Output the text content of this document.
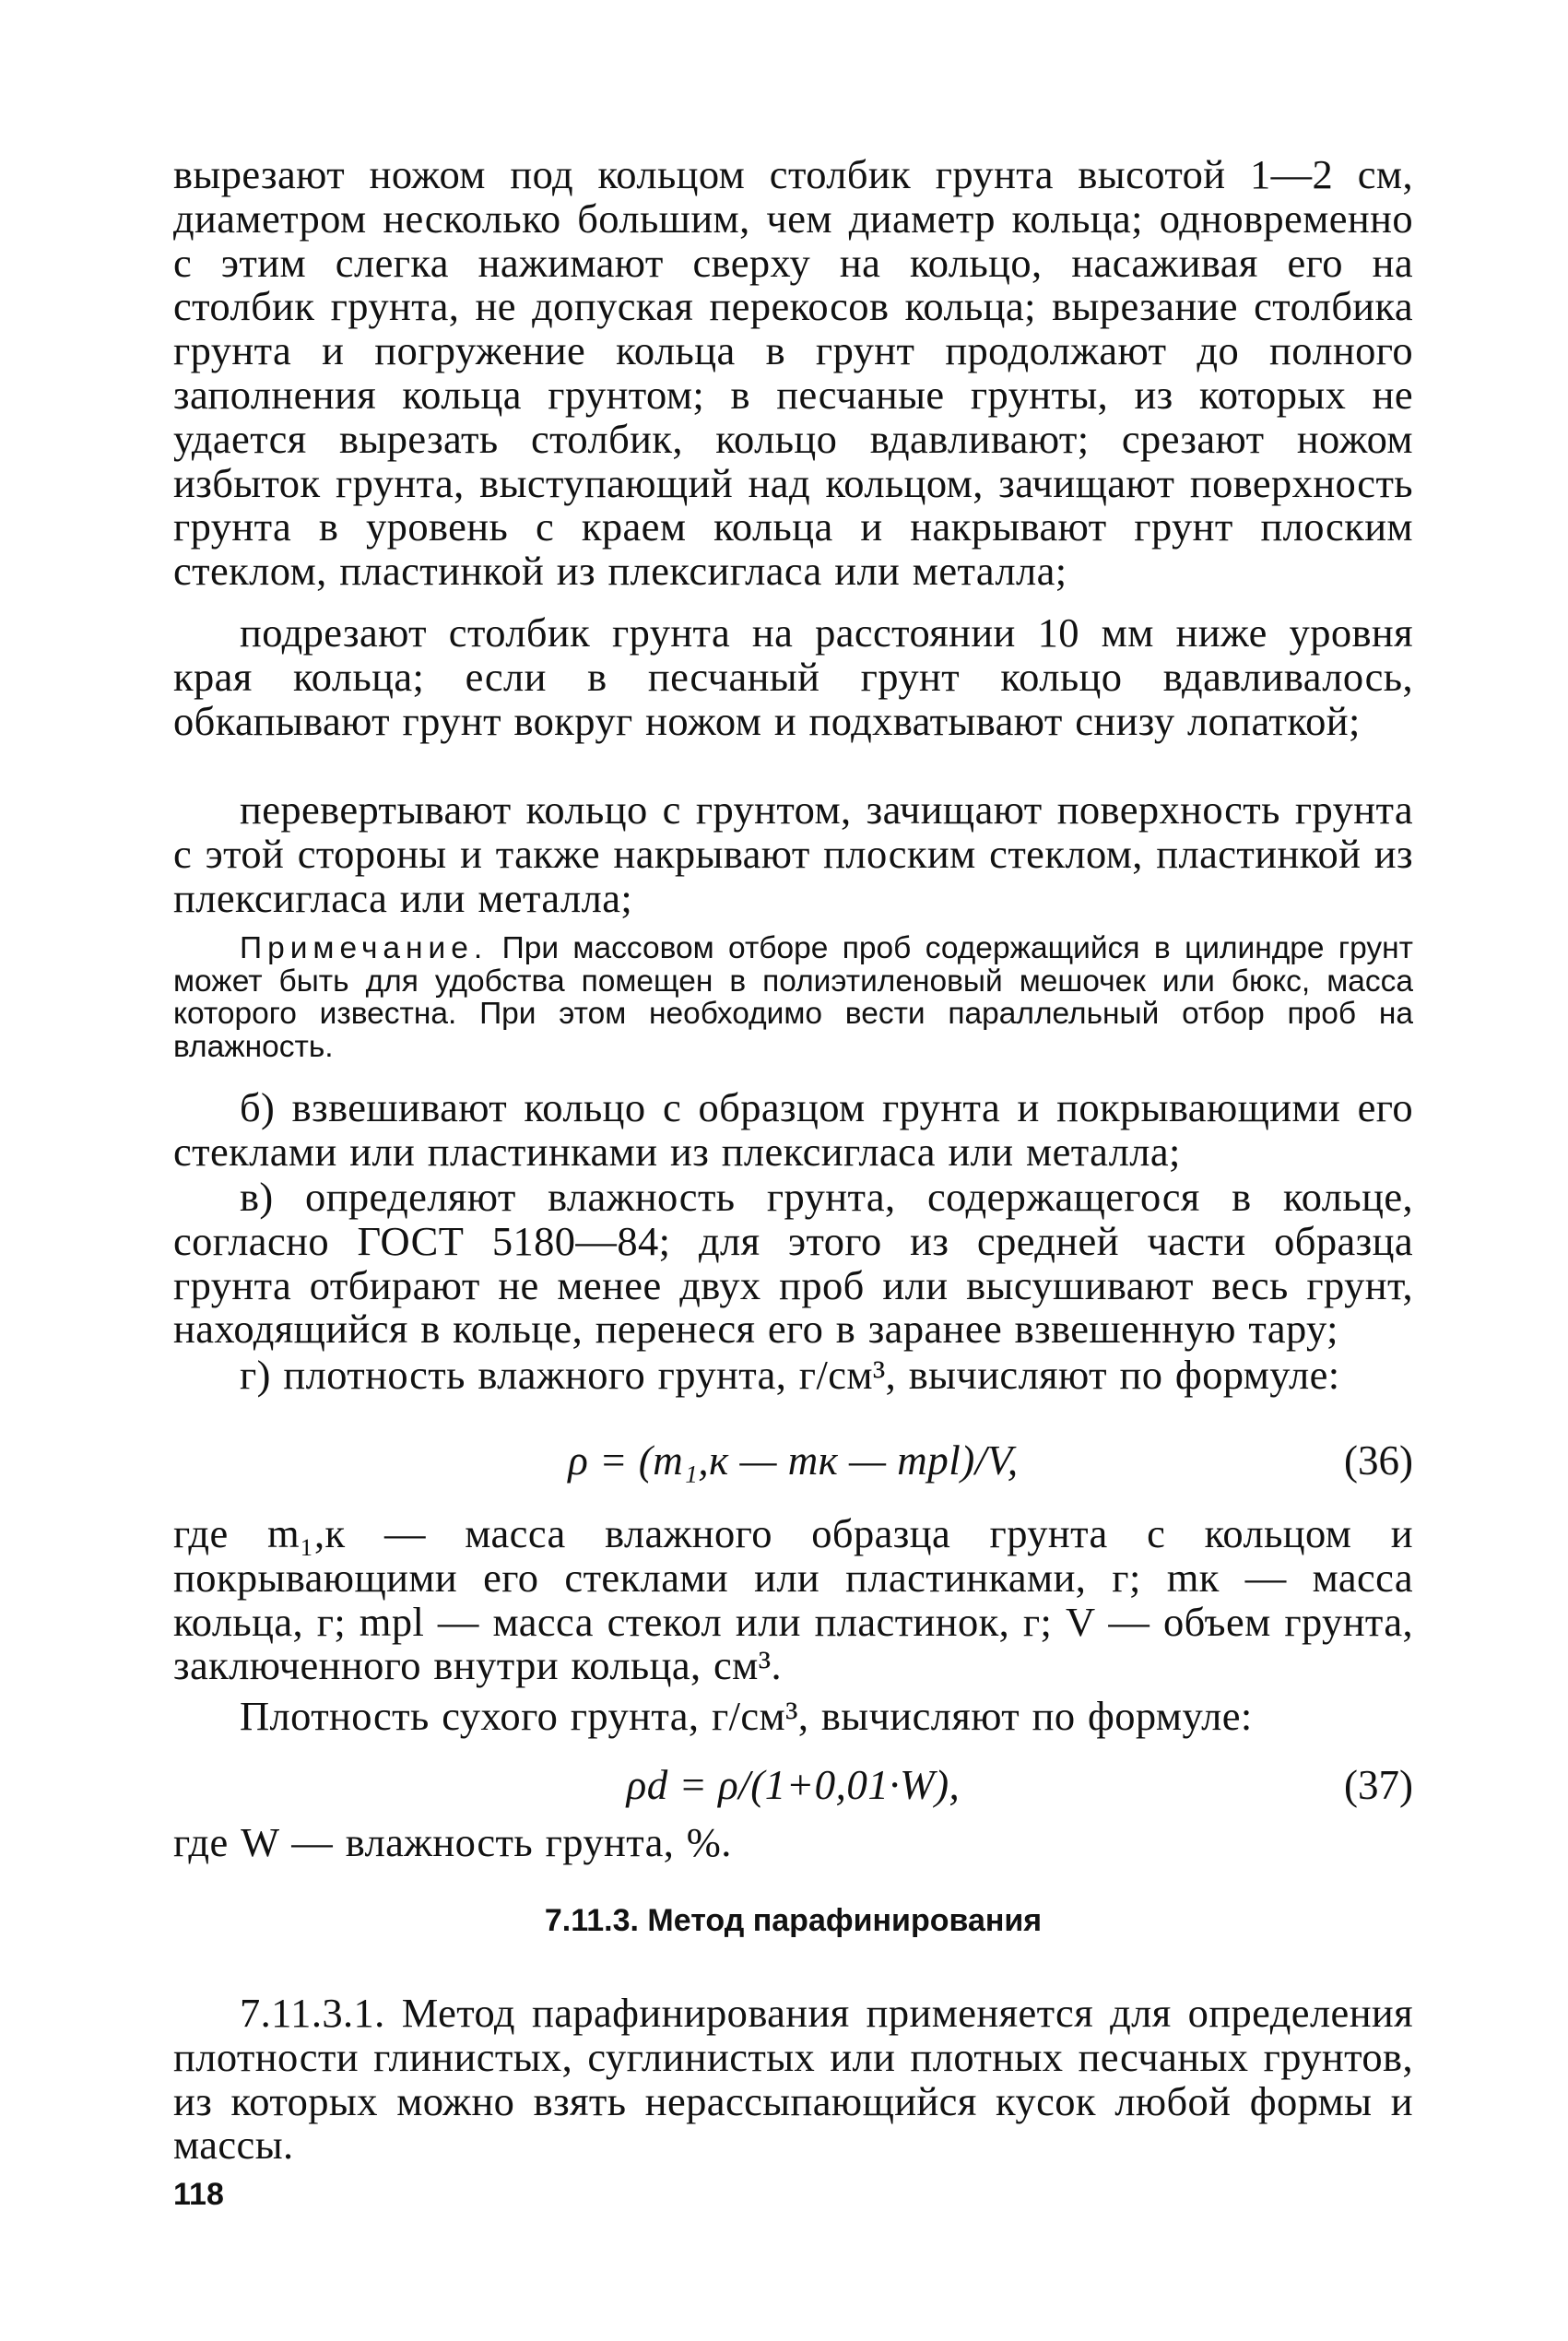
вырезают ножом под кольцом столбик грунта высотой 1—2 см, диаметром несколько большим, чем диаметр кольца; одновременно с этим слегка нажимают сверху на кольцо, насаживая его на столбик грунта, не допуская перекосов кольца; вырезание столбика грунта и погружение кольца в грунт продолжают до полного заполнения кольца грунтом; в песчаные грунты, из которых не удается вырезать столбик, кольцо вдавливают; срезают ножом избыток грунта, выступающий над кольцом, зачищают поверхность грунта в уровень с краем кольца и накрывают грунт плоским стеклом, пластинкой из плексигласа или металла;

подрезают столбик грунта на расстоянии 10 мм ниже уровня края кольца; если в песчаный грунт кольцо вдавливалось, обкапывают грунт вокруг ножом и подхватывают снизу лопаткой;

перевертывают кольцо с грунтом, зачищают поверхность грунта с этой стороны и также накрывают плоским стеклом, пластинкой из плексигласа или металла;

Примечание. При массовом отборе проб содержащийся в цилиндре грунт может быть для удобства помещен в полиэтиленовый мешочек или бюкс, масса которого известна. При этом необходимо вести параллельный отбор проб на влажность.

б) взвешивают кольцо с образцом грунта и покрывающими его стеклами или пластинками из плексигласа или металла;

в) определяют влажность грунта, содержащегося в кольце, согласно ГОСТ 5180—84; для этого из средней части образца грунта отбирают не менее двух проб или высушивают весь грунт, находящийся в кольце, перенеся его в заранее взвешенную тару;

г) плотность влажного грунта, г/см³, вычисляют по формуле:

ρ = (m₁,к — mк — mpl)/V,	(36)

где m₁,к — масса влажного образца грунта с кольцом и покрывающими его стеклами или пластинками, г; mк — масса кольца, г; mpl — масса стекол или пластинок, г; V — объем грунта, заключенного внутри кольца, см³.

Плотность сухого грунта, г/см³, вычисляют по формуле:

ρd = ρ/(1+0,01·W),	(37)

где W — влажность грунта, %.

7.11.3. Метод парафинирования

7.11.3.1. Метод парафинирования применяется для определения плотности глинистых, суглинистых или плотных песчаных грунтов, из которых можно взять нерассыпающийся кусок любой формы и массы.

118
